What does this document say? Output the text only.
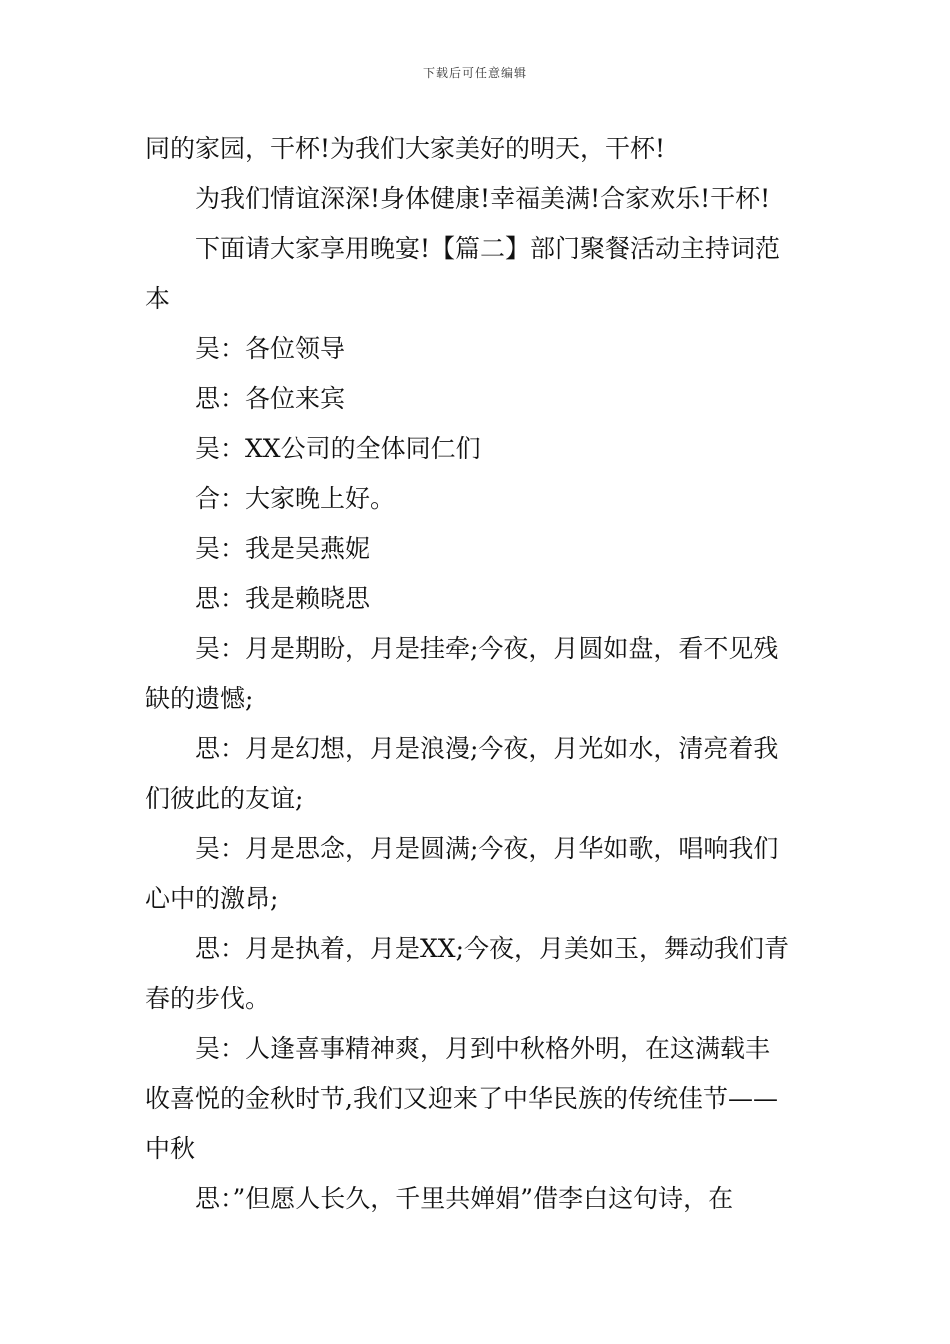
下载后可任意编辑

同的家园，干杯!为我们大家美好的明天，干杯!

为我们情谊深深!身体健康!幸福美满!合家欢乐!干杯!

下面请大家享用晚宴!【篇二】部门聚餐活动主持词范

本

吴：各位领导

思：各位来宾

吴：XX公司的全体同仁们

合：大家晚上好。

吴：我是吴燕妮

思：我是赖晓思

吴：月是期盼，月是挂牵;今夜，月圆如盘，看不见残

缺的遗憾;

思：月是幻想，月是浪漫;今夜，月光如水，清亮着我

们彼此的友谊;

吴：月是思念，月是圆满;今夜，月华如歌，唱响我们

心中的激昂;

思：月是执着，月是XX;今夜，月美如玉，舞动我们青

春的步伐。

吴：人逢喜事精神爽，月到中秋格外明，在这满载丰

收喜悦的金秋时节,我们又迎来了中华民族的传统佳节——

中秋

思：”但愿人长久，千里共婵娟”借李白这句诗，在
